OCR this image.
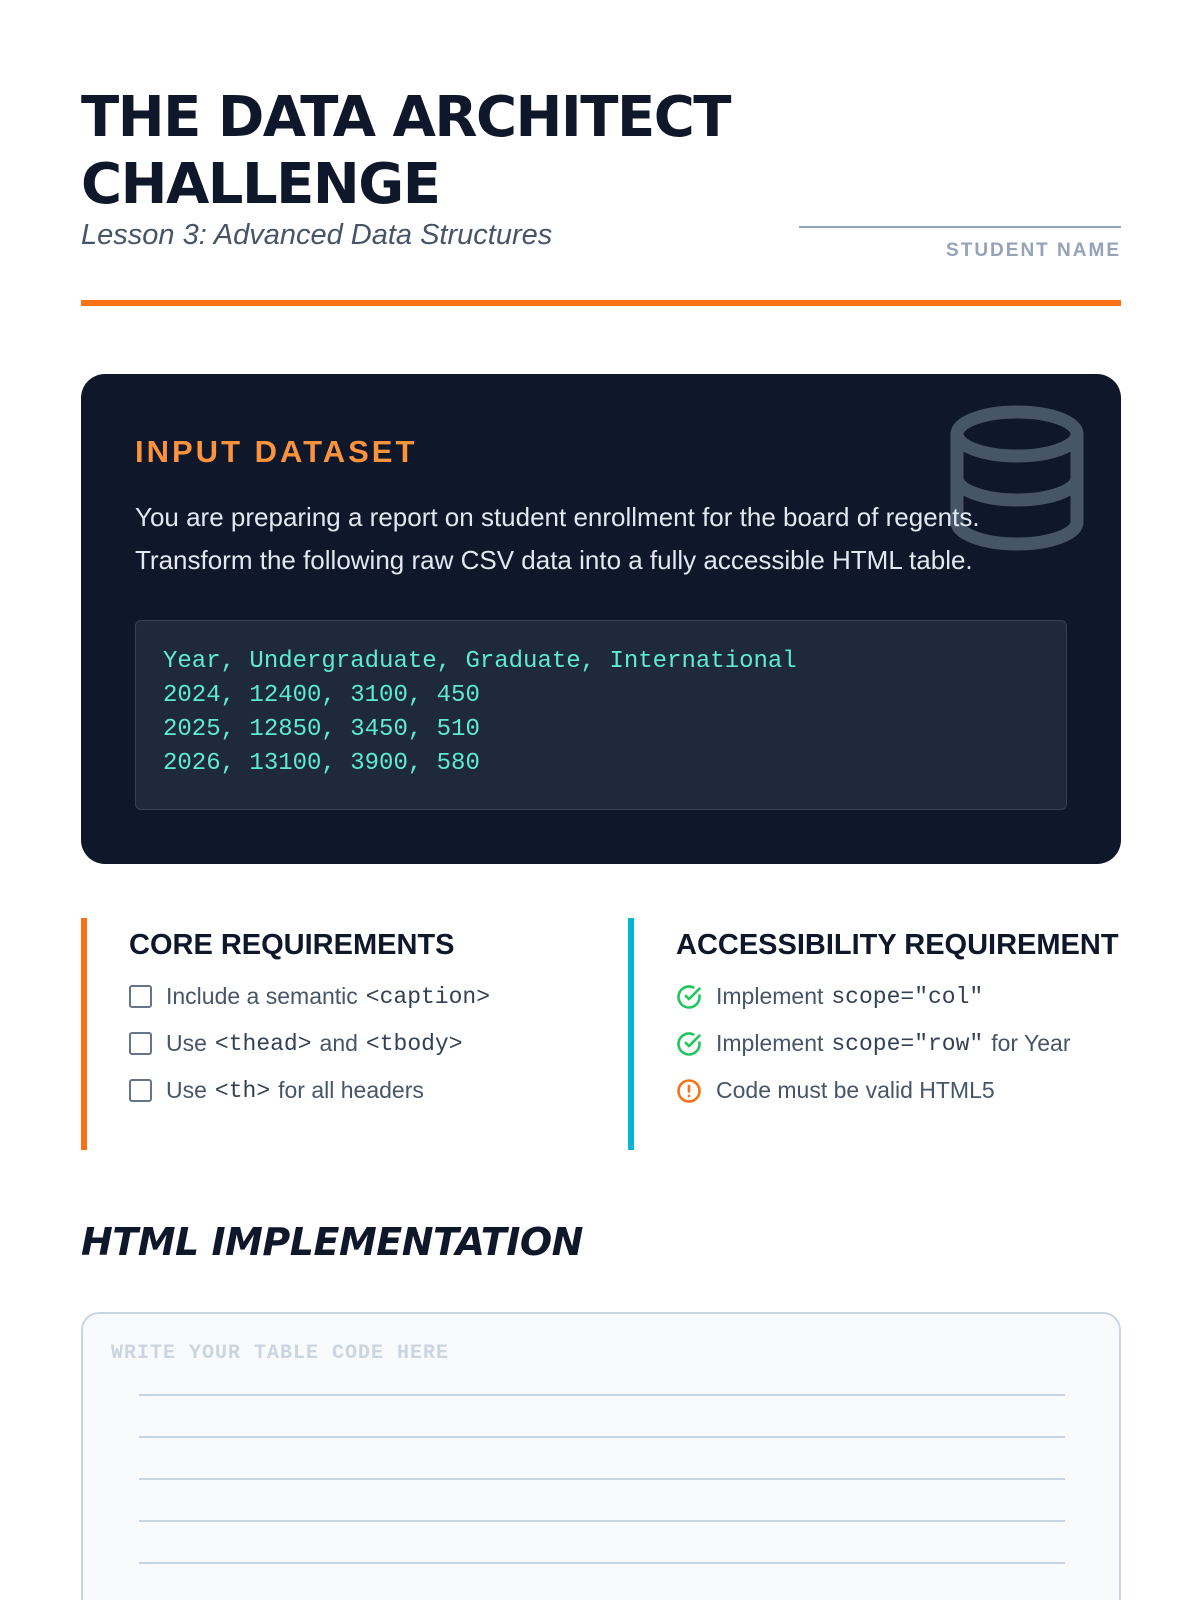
THE DATA ARCHITECT CHALLENGE
Lesson 3: Advanced Data Structures	STUDENT NAME
INPUT DATASET

You are preparing a report on student enrollment for the board of regents. Transform the following raw CSV data into a fully accessible HTML table.

Year, Undergraduate, Graduate, International
2024, 12400, 3100, 450
2025, 12850, 3450, 510
2026, 13100, 3900, 580
CORE REQUIREMENTS
Include a semantic <caption>
Use <thead> and <tbody>
Use <th> for all headers
ACCESSIBILITY REQUIREMENT
Implement scope="col"
Implement scope="row" for Year
Code must be valid HTML5
HTML IMPLEMENTATION
WRITE YOUR TABLE CODE HERE
